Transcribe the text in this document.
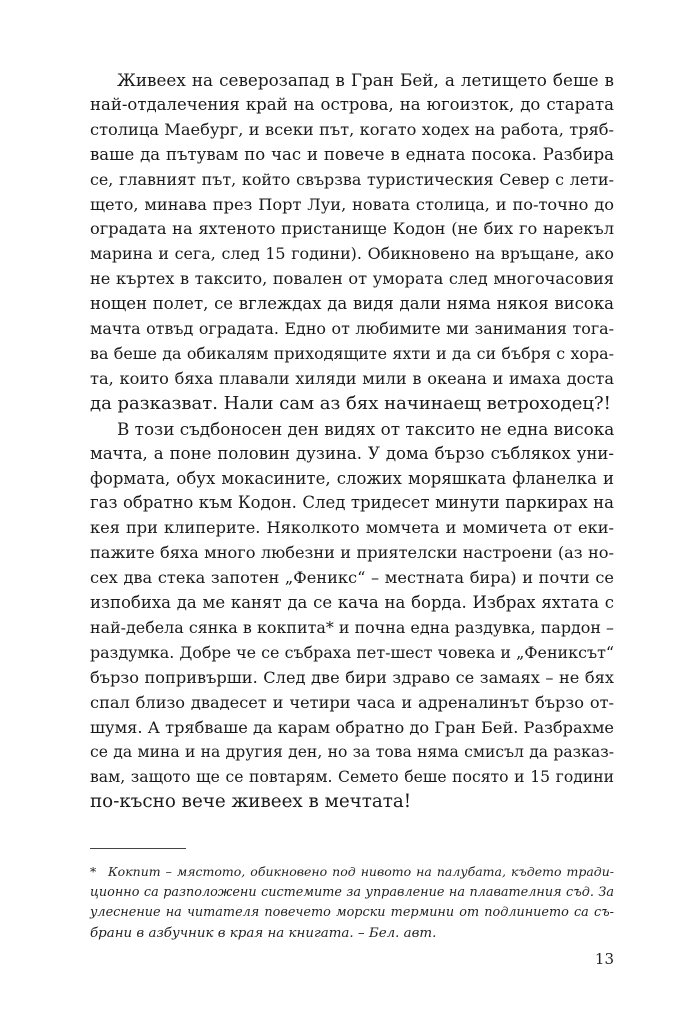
Живеех на северозапад в Гран Бей, а летището беше в
най-отдалечения край на острова, на югоизток, до старата
столица Маебург, и всеки път, когато ходех на работа, тряб-
ваше да пътувам по час и повече в едната посока. Разбира
се, главният път, който свързва туристическия Север с лети-
щето, минава през Порт Луи, новата столица, и по-точно до
оградата на яхтеното пристанище Кодон (не бих го нарекъл
марина и сега, след 15 години). Обикновено на връщане, ако
не къртех в таксито, повален от умората след многочасовия
нощен полет, се вглеждах да видя дали няма някоя висока
мачта отвъд оградата. Едно от любимите ми занимания тога-
ва беше да обикалям приходящите яхти и да си бъбря с хора-
та, които бяха плавали хиляди мили в океана и имаха доста
да разказват. Нали сам аз бях начинаещ ветроходец?!
В този съдбоносен ден видях от таксито не една висока
мачта, а поне половин дузина. У дома бързо съблякох уни-
формата, обух мокасините, сложих моряшката фланелка и
газ обратно към Кодон. След тридесет минути паркирах на
кея при клиперите. Няколкото момчета и момичета от еки-
пажите бяха много любезни и приятелски настроени (аз но-
сех два стека запотен „Феникс“ – местната бира) и почти се
изпобиха да ме канят да се кача на борда. Избрах яхтата с
най-дебела сянка в кокпита* и почна една раздувка, пардон –
раздумка. Добре че се събраха пет-шест човека и „Фениксът“
бързо попривърши. След две бири здраво се замаях – не бях
спал близо двадесет и четири часа и адреналинът бързо от-
шумя. А трябваше да карам обратно до Гран Бей. Разбрахме
се да мина и на другия ден, но за това няма смисъл да разказ-
вам, защото ще се повтарям. Семето беше посято и 15 години
по-късно вече живеех в мечтата!
* Кокпит – мястото, обикновено под нивото на палубата, където тради-
ционно са разположени системите за управление на плавателния съд. За
улеснение на читателя повечето морски термини от подлинието са съ-
брани в азбучник в края на книгата. – Бел. авт.
13
